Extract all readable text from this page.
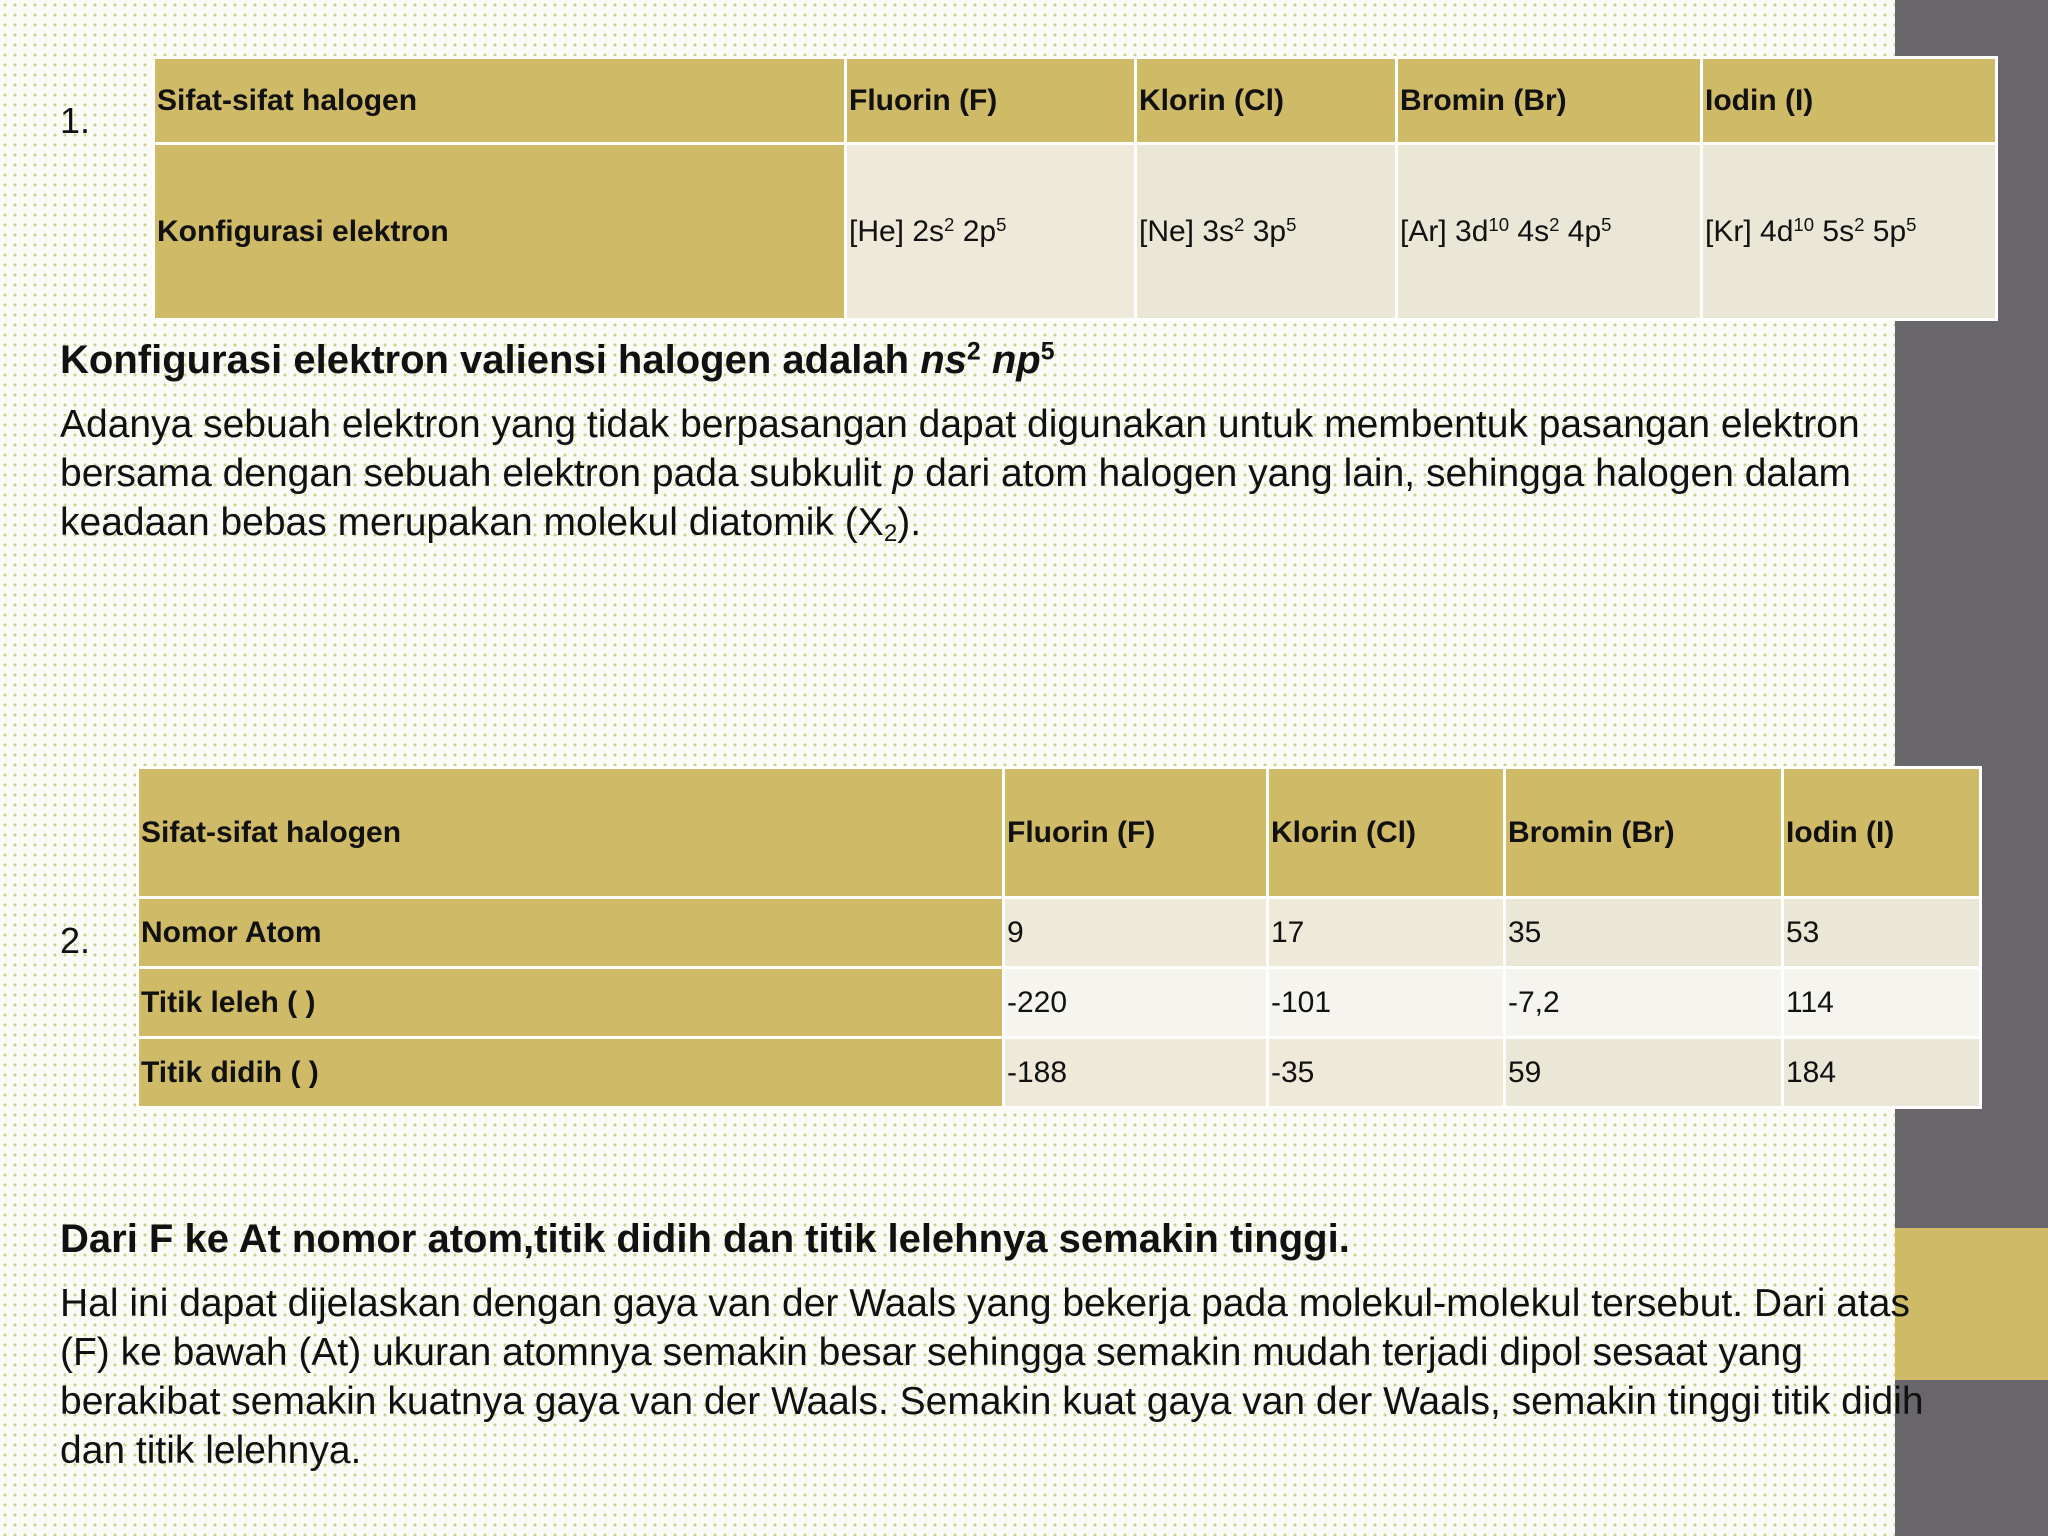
1. Sifat-sifat halogen	Fluorin (F)	Klorin (Cl)	Bromin (Br)	Iodin (I)
Konfigurasi elektron	[He] $2s^2$ $2p^5$	[Ne] $3s^2$ $3p^5$	[Ar] $3d^{10}$ $4s^2$ $4p^5$	[Kr] $4d^{10}$ $5s^2$ $5p^5$
Konfigurasi elektron valiensi halogen adalah $ns^2$ $np^5$
Adanya sebuah elektron yang tidak berpasangan dapat digunakan untuk membentuk pasangan elektron
bersama dengan sebuah elektron pada subkulit p dari atom halogen yang lain, sehingga halogen dalam
keadaan bebas merupakan molekul diatomik $(X_2)$.
2.
Sifat-sifat halogen	Fluorin (F)	Klorin (Cl)	Bromin (Br)	Iodin (I)
Nomor Atom	9	17	35	53
Titik leleh ( )	-220	-101	-7,2	114
Titik didih ( )	-188	-35	59	184
Dari F ke At nomor atom,titik didih dan titik lelehnya semakin tinggi.
Hal ini dapat dijelaskan dengan gaya van der Waals yang bekerja pada molekul-molekul tersebut. Dari atas
(F) ke bawah (At) ukuran atomnya semakin besar sehingga semakin mudah terjadi dipol sesaat yang
berakibat semakin kuatnya gaya van der Waals. Semakin kuat gaya van der Waals, semakin tinggi titik didih
dan titik lelehnya.
